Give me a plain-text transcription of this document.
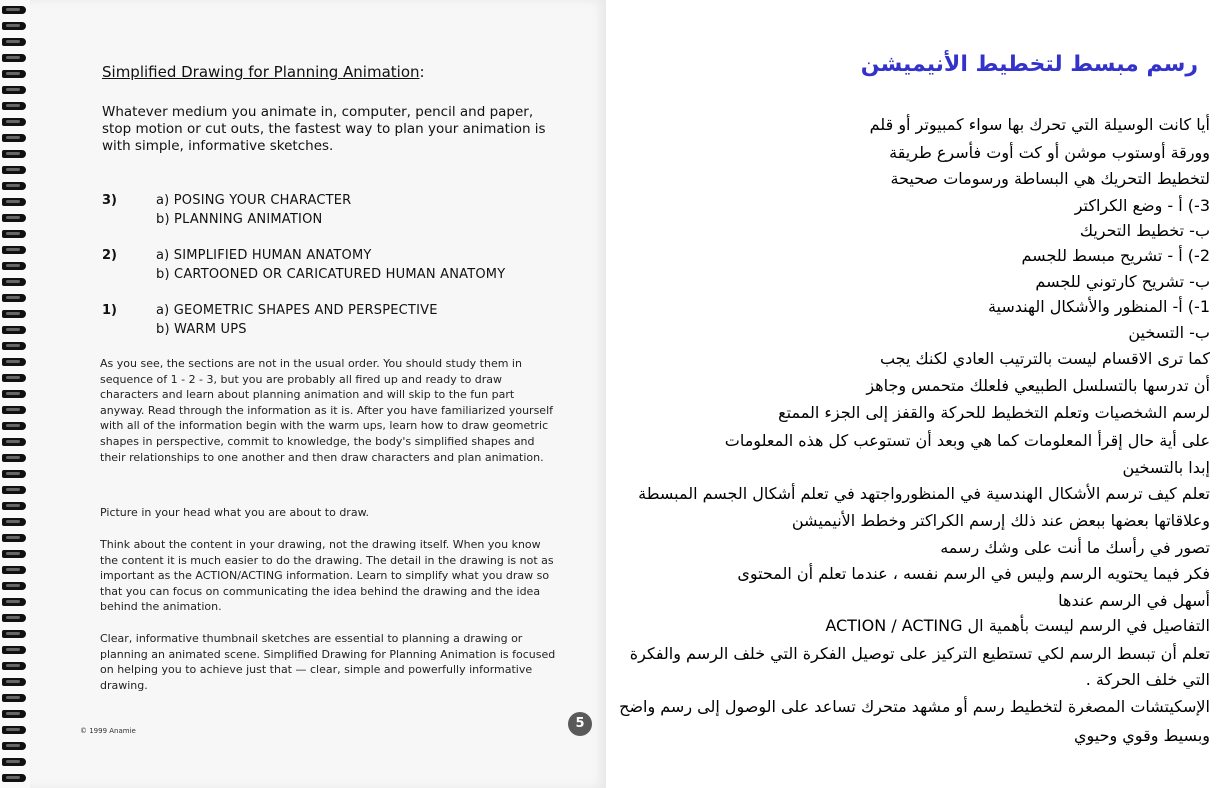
Simplified Drawing for Planning Animation:
Whatever medium you animate in, computer, pencil and paper, stop motion or cut outs, the fastest way to plan your animation is with simple, informative sketches.
3)	a) POSING YOUR CHARACTER
b) PLANNING ANIMATION
2)	a) SIMPLIFIED HUMAN ANATOMY
b) CARTOONED OR CARICATURED HUMAN ANATOMY
1)	a) GEOMETRIC SHAPES AND PERSPECTIVE
b) WARM UPS
As you see, the sections are not in the usual order. You should study them in sequence of 1 - 2 - 3, but you are probably all fired up and ready to draw characters and learn about planning animation and will skip to the fun part anyway. Read through the information as it is. After you have familiarized yourself with all of the information begin with the warm ups, learn how to draw geometric shapes in perspective, commit to knowledge, the body's simplified shapes and their relationships to one another and then draw characters and plan animation.
Picture in your head what you are about to draw.
Think about the content in your drawing, not the drawing itself. When you know the content it is much easier to do the drawing. The detail in the drawing is not as important as the ACTION/ACTING information. Learn to simplify what you draw so that you can focus on communicating the idea behind the drawing and the idea behind the animation.
Clear, informative thumbnail sketches are essential to planning a drawing or planning an animated scene. Simplified Drawing for Planning Animation is focused on helping you to achieve just that — clear, simple and powerfully informative drawing.
© 1999 Anamie	5
رسم مبسط لتخطيط الأنيميشن
أيا كانت الوسيلة التي تحرك بها سواء كمبيوتر أو قلم
وورقة أوستوب موشن أو كت أوت فأسرع طريقة
لتخطيط التحريك هي البساطة ورسومات صحيحة
3-) أ - وضع الكراكتر
ب- تخطيط التحريك
2-) أ - تشريح مبسط للجسم
ب- تشريح كارتوني للجسم
1-) أ- المنظور والأشكال الهندسية
ب- التسخين
كما ترى الاقسام ليست بالترتيب العادي لكنك يجب
أن تدرسها بالتسلسل الطبيعي فلعلك متحمس وجاهز
لرسم الشخصيات وتعلم التخطيط للحركة والقفز إلى الجزء الممتع
على أية حال إقرأ المعلومات كما هي وبعد أن تستوعب كل هذه المعلومات
إبدا بالتسخين
تعلم كيف ترسم الأشكال الهندسية في المنظورواجتهد في تعلم أشكال الجسم المبسطة
وعلاقاتها بعضها ببعض عند ذلك إرسم الكراكتر وخطط الأنيميشن
تصور في رأسك ما أنت على وشك رسمه
فكر فيما يحتويه الرسم وليس في الرسم نفسه ، عندما تعلم أن المحتوى
أسهل في الرسم عندها
التفاصيل في الرسم ليست بأهمية ال ACTION / ACTING
تعلم أن تبسط الرسم لكي تستطيع التركيز على توصيل الفكرة التي خلف الرسم والفكرة
التي خلف الحركة .
الإسكيتشات المصغرة لتخطيط رسم أو مشهد متحرك تساعد على الوصول إلى رسم واضح
وبسيط وقوي وحيوي
